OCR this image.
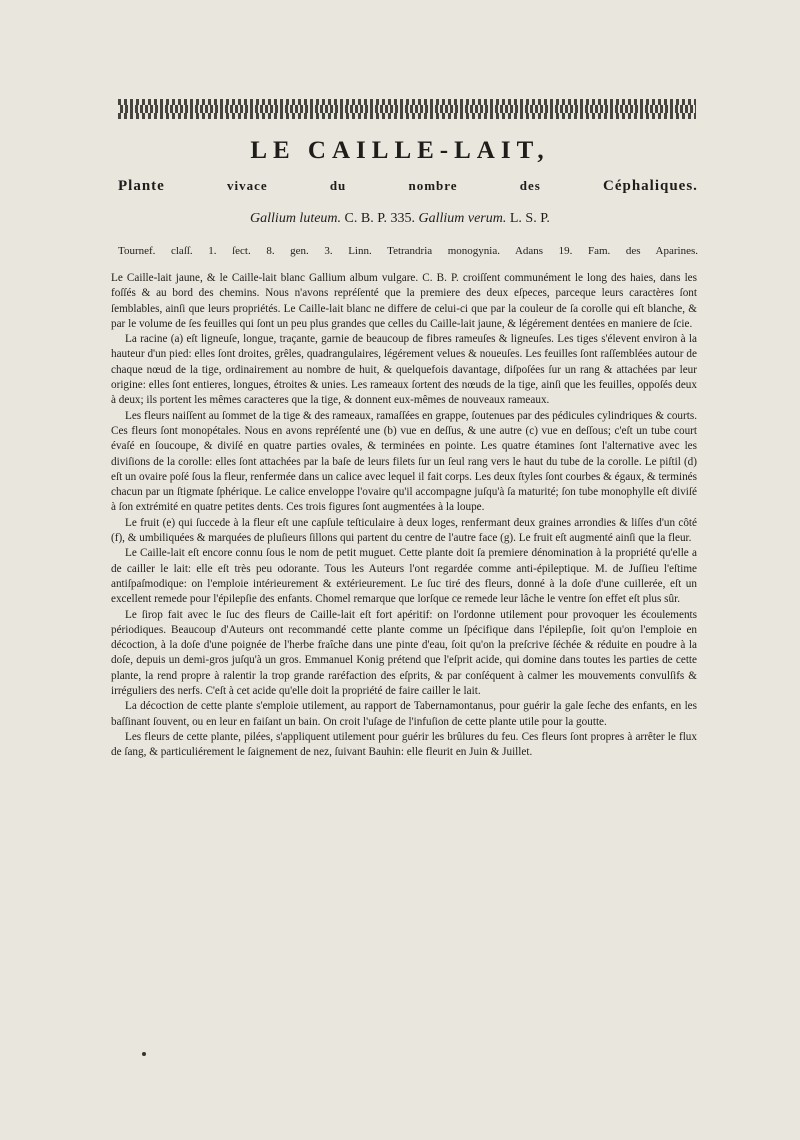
LE CAILLE-LAIT,
Plante	vivace	du	nombre	des	Céphaliques.
Gallium luteum. C. B. P. 335. Gallium verum. L. S. P.
Tournef. claſſ. 1. ſect. 8. gen. 3. Linn. Tetrandria monogynia. Adans 19. Fam. des Aparines.

Le Caille-lait jaune, & le Caille-lait blanc Gallium album vulgare. C. B. P. croiſſent communément le long des haies, dans les foſſés & au bord des chemins. Nous n'avons repréſenté que la premiere des deux eſpeces, parceque leurs caractères ſont ſemblables, ainſi que leurs propriétés. Le Caille-lait blanc ne differe de celui-ci que par la couleur de ſa corolle qui eſt blanche, & par le volume de ſes feuilles qui ſont un peu plus grandes que celles du Caille-lait jaune, & légérement dentées en maniere de ſcie.

La racine (a) eſt ligneuſe, longue, traçante, garnie de beaucoup de fibres rameuſes & ligneuſes. Les tiges s'élevent environ à la hauteur d'un pied: elles ſont droites, grêles, quadrangulaires, légérement velues & noueuſes. Les feuilles ſont raſſemblées autour de chaque nœud de la tige, ordinairement au nombre de huit, & quelquefois davantage, diſpoſées ſur un rang & attachées par leur origine: elles ſont entieres, longues, étroites & unies. Les rameaux ſortent des nœuds de la tige, ainſi que les feuilles, oppoſés deux à deux; ils portent les mêmes caracteres que la tige, & donnent eux-mêmes de nouveaux rameaux.

Les fleurs naiſſent au ſommet de la tige & des rameaux, ramaſſées en grappe, ſoutenues par des pédicules cylindriques & courts. Ces fleurs ſont monopétales. Nous en avons repréſenté une (b) vue en deſſus, & une autre (c) vue en deſſous; c'eſt un tube court évaſé en ſoucoupe, & diviſé en quatre parties ovales, & terminées en pointe. Les quatre étamines ſont l'alternative avec les diviſions de la corolle: elles ſont attachées par la baſe de leurs filets ſur un ſeul rang vers le haut du tube de la corolle. Le piſtil (d) eſt un ovaire poſé ſous la fleur, renfermée dans un calice avec lequel il fait corps. Les deux ſtyles ſont courbes & égaux, & terminés chacun par un ſtigmate ſphérique. Le calice enveloppe l'ovaire qu'il accompagne juſqu'à ſa maturité; ſon tube monophylle eſt diviſé à ſon extrémité en quatre petites dents. Ces trois figures ſont augmentées à la loupe.

Le fruit (e) qui ſuccede à la fleur eſt une capſule teſticulaire à deux loges, renfermant deux graines arrondies & liſſes d'un côté (f), & umbiliquées & marquées de pluſieurs ſillons qui partent du centre de l'autre face (g). Le fruit eſt augmenté ainſi que la fleur.

Le Caille-lait eſt encore connu ſous le nom de petit muguet. Cette plante doit ſa premiere dénomination à la propriété qu'elle a de cailler le lait: elle eſt très peu odorante. Tous les Auteurs l'ont regardée comme anti-épileptique. M. de Juſſieu l'eſtime antiſpaſmodique: on l'emploie intérieurement & extérieurement. Le ſuc tiré des fleurs, donné à la doſe d'une cuillerée, eſt un excellent remede pour l'épilepſie des enfants. Chomel remarque que lorſque ce remede leur lâche le ventre ſon effet eſt plus sûr.

Le ſirop fait avec le ſuc des fleurs de Caille-lait eſt fort apéritif: on l'ordonne utilement pour provoquer les écoulements périodiques. Beaucoup d'Auteurs ont recommandé cette plante comme un ſpécifique dans l'épilepſie, ſoit qu'on l'emploie en décoction, à la doſe d'une poignée de l'herbe fraîche dans une pinte d'eau, ſoit qu'on la preſcrive ſéchée & réduite en poudre à la doſe, depuis un demi-gros juſqu'à un gros. Emmanuel Konig prétend que l'eſprit acide, qui domine dans toutes les parties de cette plante, la rend propre à ralentir la trop grande raréfaction des eſprits, & par conſéquent à calmer les mouvements convulſifs & irréguliers des nerfs. C'eſt à cet acide qu'elle doit la propriété de faire cailler le lait.

La décoction de cette plante s'emploie utilement, au rapport de Tabernamontanus, pour guérir la gale ſeche des enfants, en les baſſinant ſouvent, ou en leur en faiſant un bain. On croit l'uſage de l'infuſion de cette plante utile pour la goutte.

Les fleurs de cette plante, pilées, s'appliquent utilement pour guérir les brûlures du feu. Ces fleurs ſont propres à arrêter le flux de ſang, & particuliérement le ſaignement de nez, ſuivant Bauhin: elle fleurit en Juin & Juillet.
